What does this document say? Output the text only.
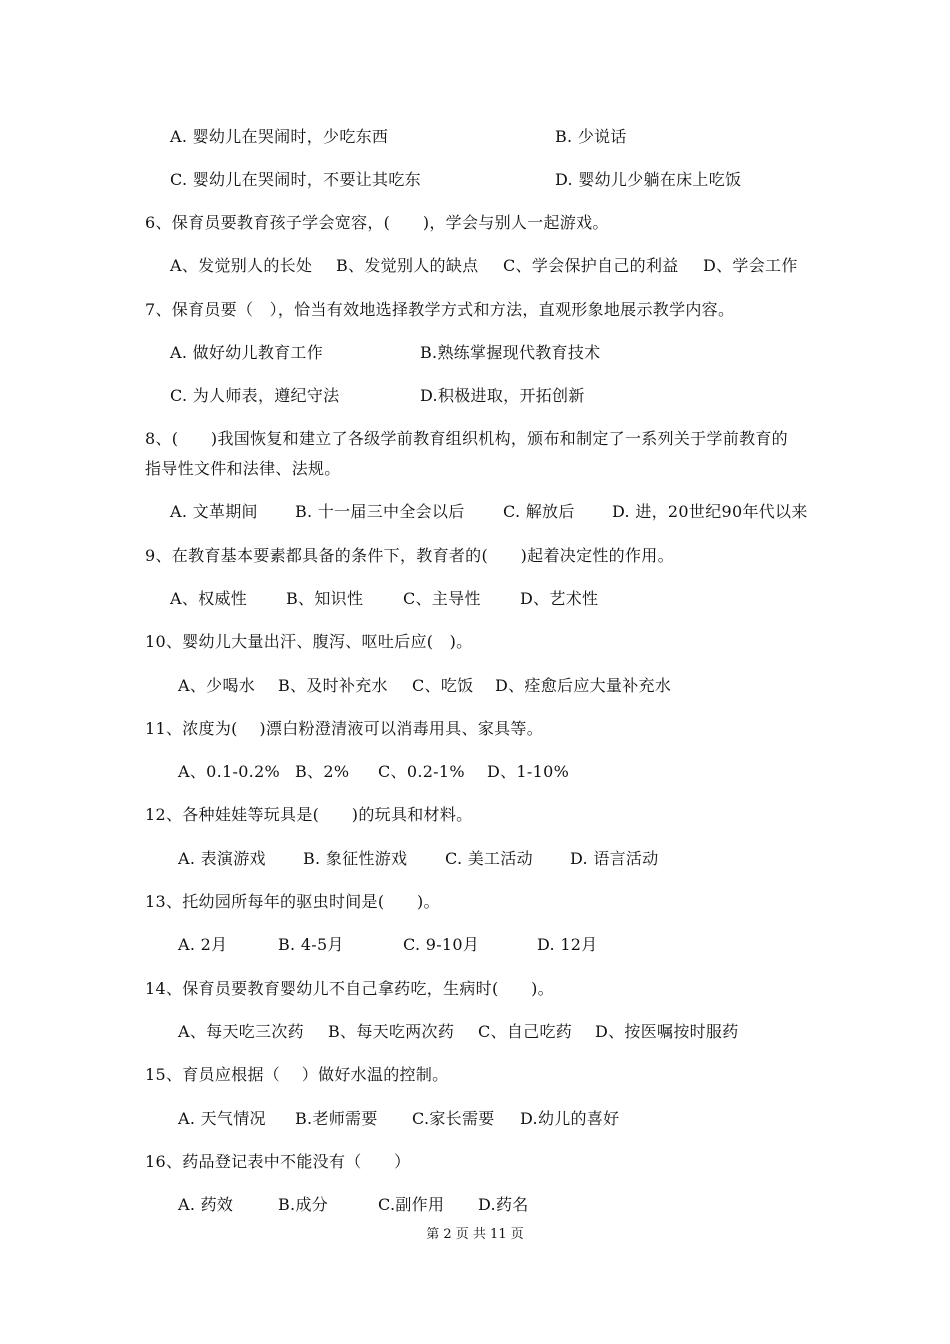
A. 婴幼儿在哭闹时，少吃东西	B. 少说话
C. 婴幼儿在哭闹时，不要让其吃东	D. 婴幼儿少躺在床上吃饭
6、保育员要教育孩子学会宽容，(　　)，学会与别人一起游戏。
A、发觉别人的长处 B、发觉别人的缺点 C、学会保护自己的利益 D、学会工作
7、保育员要（　），恰当有效地选择教学方式和方法，直观形象地展示教学内容。
A. 做好幼儿教育工作	B.熟练掌握现代教育技术
C. 为人师表，遵纪守法	D.积极进取，开拓创新
8、(　　)我国恢复和建立了各级学前教育组织机构，颁布和制定了一系列关于学前教育的
指导性文件和法律、法规。
A. 文革期间 B. 十一届三中全会以后 C. 解放后 D. 进，20世纪90年代以来
9、在教育基本要素都具备的条件下，教育者的(　　)起着决定性的作用。
A、权威性 B、知识性 C、主导性 D、艺术性
10、婴幼儿大量出汗、腹泻、呕吐后应(　)。
A、少喝水 B、及时补充水 C、吃饭 D、痊愈后应大量补充水
11、浓度为(　 )漂白粉澄清液可以消毒用具、家具等。
A、0.1-0.2% B、2% C、0.2-1% D、1-10%
12、各种娃娃等玩具是(　　)的玩具和材料。
A. 表演游戏 B. 象征性游戏 C. 美工活动 D. 语言活动
13、托幼园所每年的驱虫时间是(　　)。
A. 2月	B. 4-5月	C. 9-10月	D. 12月
14、保育员要教育婴幼儿不自己拿药吃，生病时(　　)。
A、每天吃三次药 B、每天吃两次药 C、自己吃药 D、按医嘱按时服药
15、育员应根据（　 ）做好水温的控制。
A. 天气情况 B.老师需要 C.家长需要 D.幼儿的喜好
16、药品登记表中不能没有（　　）
A. 药效	B.成分	C.副作用 D.药名
第 2 页 共 11 页
